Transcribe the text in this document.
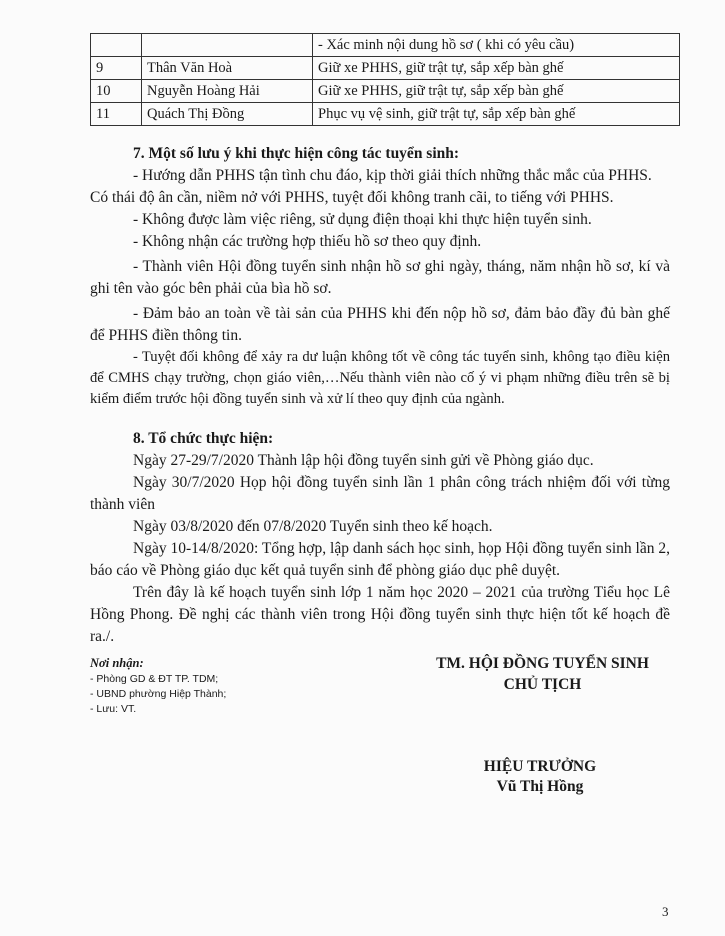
		- Xác minh nội dung hồ sơ ( khi có yêu cầu)
9	Thân Văn Hoà	Giữ xe PHHS, giữ trật tự, sắp xếp bàn ghế
10	Nguyễn Hoàng Hải	Giữ xe PHHS, giữ trật tự, sắp xếp bàn ghế
11	Quách Thị Đồng	Phục vụ vệ sinh, giữ trật tự, sắp xếp bàn ghế

7. Một số lưu ý khi thực hiện công tác tuyển sinh:

- Hướng dẫn PHHS tận tình chu đáo, kịp thời giải thích những thắc mắc của PHHS.

Có thái độ ân cần, niềm nở với PHHS, tuyệt đối không tranh cãi, to tiếng với PHHS.

- Không được làm việc riêng, sử dụng điện thoại khi thực hiện tuyển sinh.

- Không nhận các trường hợp thiếu hồ sơ theo quy định.

- Thành viên Hội đồng tuyển sinh nhận hồ sơ ghi ngày, tháng, năm nhận hồ sơ, kí và ghi tên vào góc bên phải của bìa hồ sơ.

- Đảm bảo an toàn về tài sản của PHHS khi đến nộp hồ sơ, đảm bảo đầy đủ bàn ghế để PHHS điền thông tin.

- Tuyệt đối không để xảy ra dư luận không tốt về công tác tuyển sinh, không tạo điều kiện để CMHS chạy trường, chọn giáo viên,…Nếu thành viên nào cố ý vi phạm những điều trên sẽ bị kiểm điểm trước hội đồng tuyển sinh và xử lí theo quy định của ngành.

8. Tổ chức thực hiện:

Ngày 27-29/7/2020 Thành lập hội đồng tuyển sinh gửi về Phòng giáo dục.

Ngày 30/7/2020 Họp hội đồng tuyển sinh lần 1 phân công trách nhiệm đối với từng thành viên

Ngày 03/8/2020 đến 07/8/2020 Tuyển sinh theo kế hoạch.

Ngày 10-14/8/2020: Tổng hợp, lập danh sách học sinh, họp Hội đồng tuyển sinh lần 2, báo cáo về Phòng giáo dục kết quả tuyển sinh để phòng giáo dục phê duyệt.

Trên đây là kế hoạch tuyển sinh lớp 1 năm học 2020 – 2021 của trường Tiểu học Lê Hồng Phong. Đề nghị các thành viên trong Hội đồng tuyển sinh thực hiện tốt kế hoạch đề ra./.

Nơi nhận:
- Phòng GD & ĐT TP. TDM;
- UBND phường Hiệp Thành;
- Lưu: VT.
TM. HỘI ĐỒNG TUYỂN SINH
CHỦ TỊCH
HIỆU TRƯỞNG
Vũ Thị Hồng
3
